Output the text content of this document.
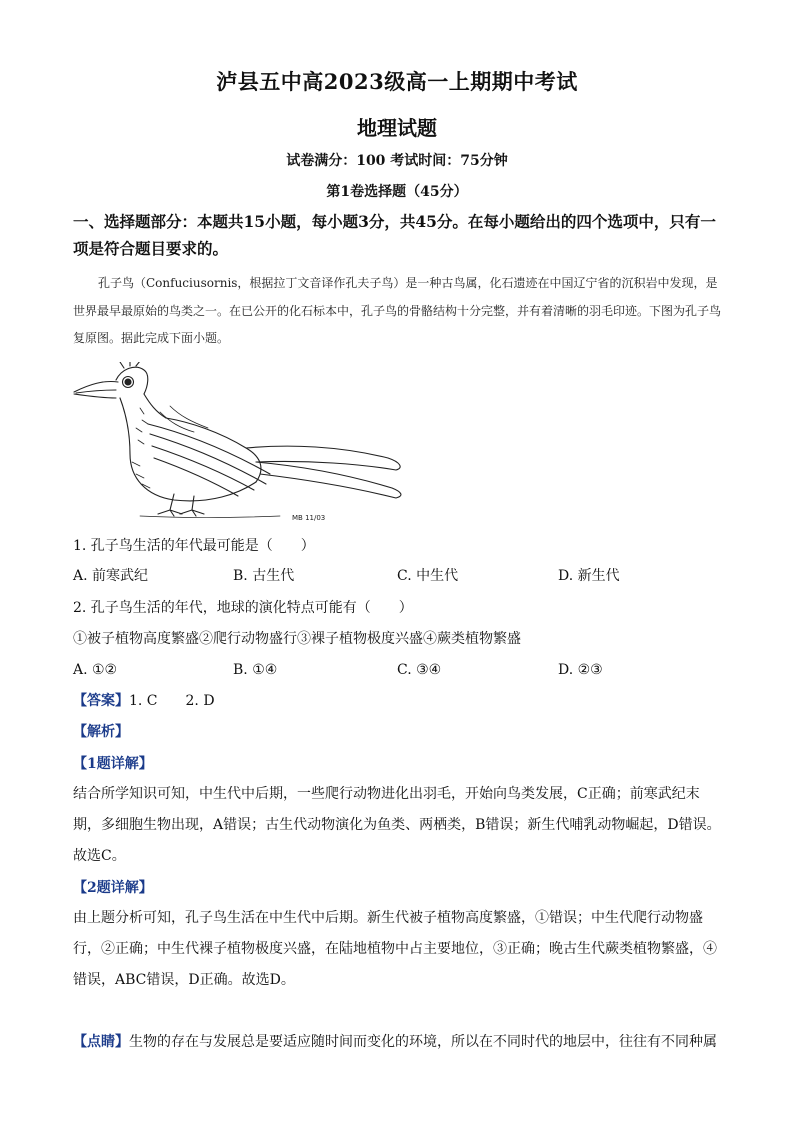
泸县五中高2023级高一上期期中考试
地理试题
试卷满分：100 考试时间：75分钟
第1卷选择题（45分）
一、选择题部分：本题共15小题，每小题3分，共45分。在每小题给出的四个选项中，只有一项是符合题目要求的。
孔子鸟（Confuciusornis，根据拉丁文音译作孔夫子鸟）是一种古鸟属，化石遗迹在中国辽宁省的沉积岩中发现，是世界最早最原始的鸟类之一。在已公开的化石标本中，孔子鸟的骨骼结构十分完整，并有着清晰的羽毛印迹。下图为孔子鸟复原图。据此完成下面小题。
MB 11/03
1. 孔子鸟生活的年代最可能是（　　）
A. 前寒武纪	B. 古生代	C. 中生代	D. 新生代
2. 孔子鸟生活的年代，地球的演化特点可能有（　　）
①被子植物高度繁盛②爬行动物盛行③裸子植物极度兴盛④蕨类植物繁盛
A. ①②	B. ①④	C. ③④	D. ②③
【答案】1. C　　2. D
【解析】
【1题详解】
结合所学知识可知，中生代中后期，一些爬行动物进化出羽毛，开始向鸟类发展，C正确；前寒武纪末期，多细胞生物出现，A错误；古生代动物演化为鱼类、两栖类，B错误；新生代哺乳动物崛起，D错误。故选C。
【2题详解】
由上题分析可知，孔子鸟生活在中生代中后期。新生代被子植物高度繁盛，①错误；中生代爬行动物盛行，②正确；中生代裸子植物极度兴盛，在陆地植物中占主要地位，③正确；晚古生代蕨类植物繁盛，④错误，ABC错误，D正确。故选D。
【点睛】生物的存在与发展总是要适应随时间而变化的环境，所以在不同时代的地层中，往往有不同种属
